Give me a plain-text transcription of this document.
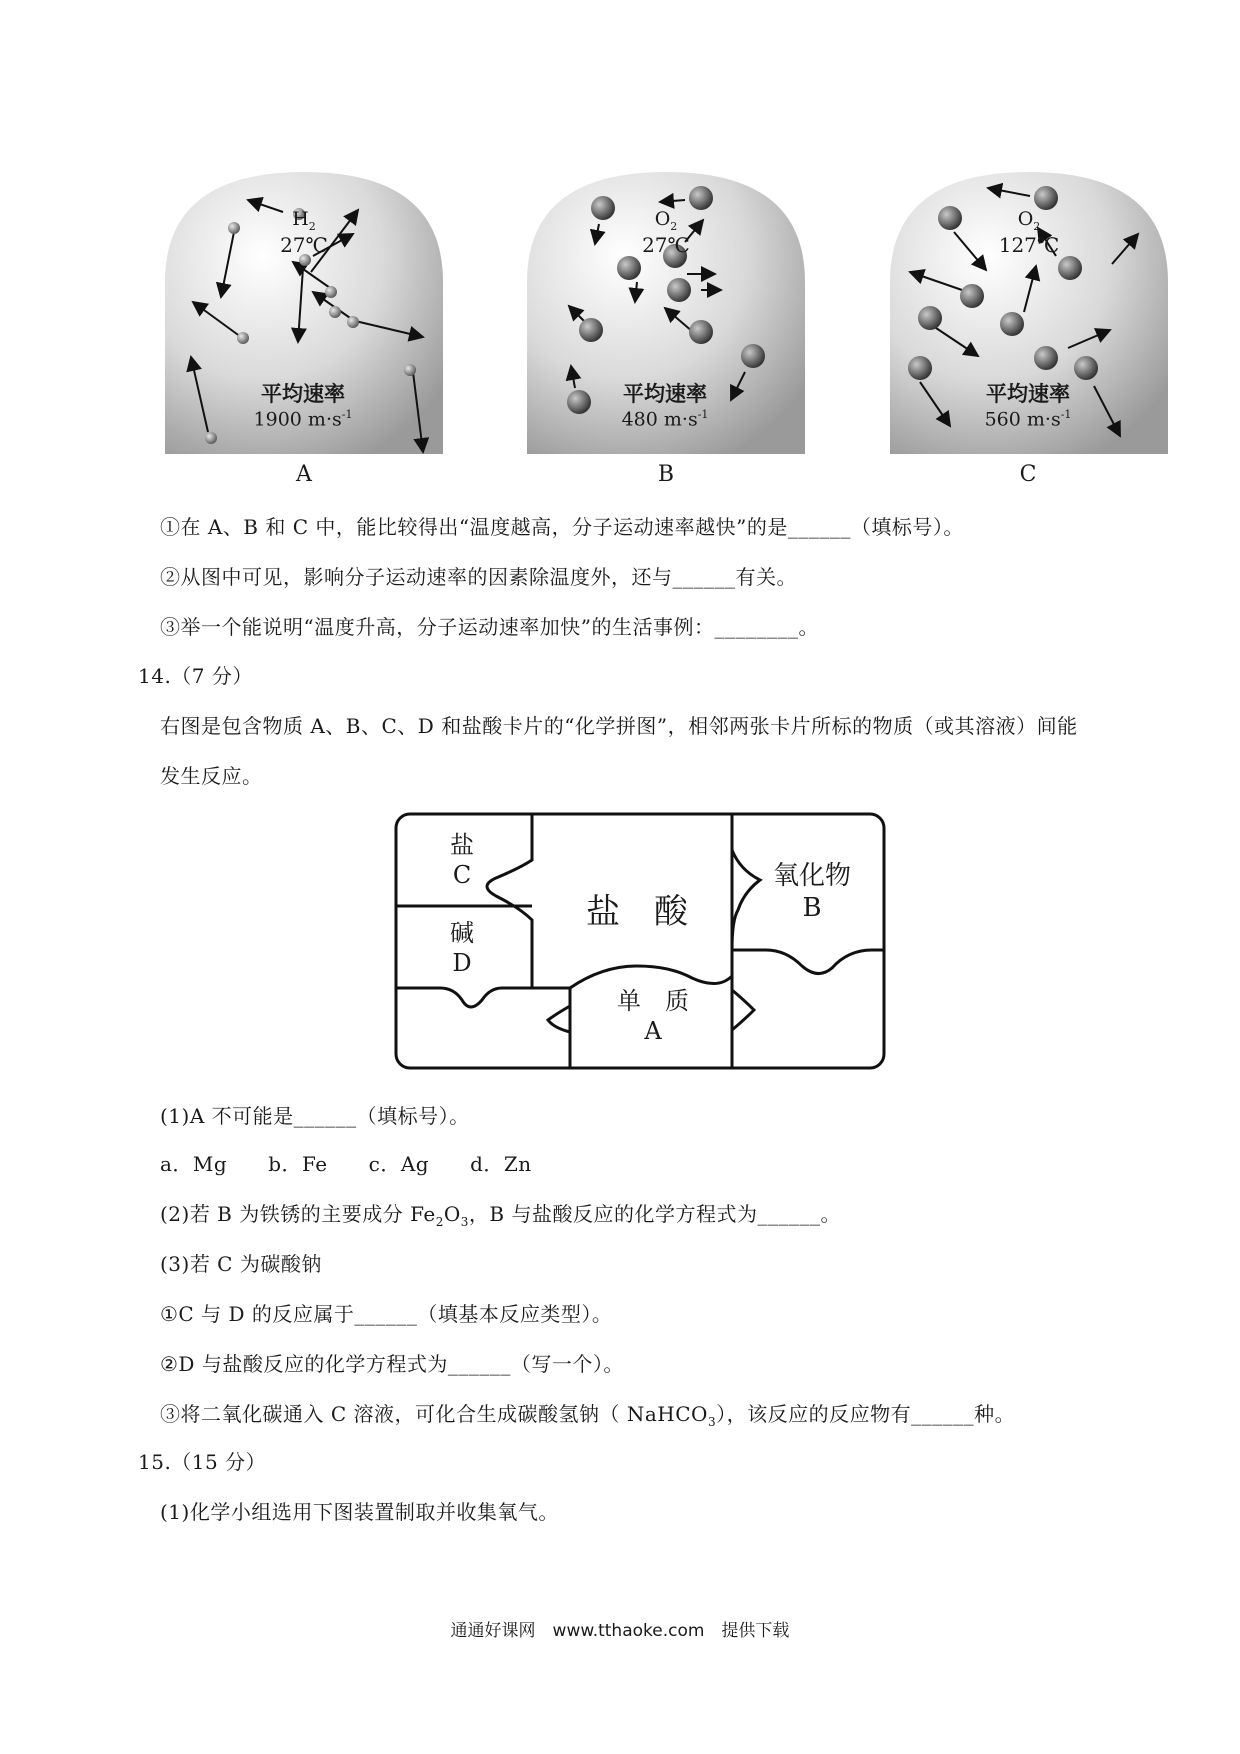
$H_2$
27℃
平均速率
1900 $m\cdot s^{-1}$
A
$O_2$
27℃
平均速率
480 $m\cdot s^{-1}$
B
$O_2$
127℃
平均速率
560 $m\cdot s^{-1}$
C
①在 A、B 和 C 中，能比较得出“温度越高，分子运动速率越快”的是______（填标号）。
②从图中可见，影响分子运动速率的因素除温度外，还与______有关。
③举一个能说明“温度升高，分子运动速率加快”的生活事例：________。
14.（7 分）
右图是包含物质 A、B、C、D 和盐酸卡片的“化学拼图”，相邻两张卡片所标的物质（或其溶液）间能
发生反应。
盐
C
碱
D
盐　酸
氧化物
B
单　质
A
(1)A 不可能是______（填标号）。
a．Mg　　b．Fe　　c．Ag　　d．Zn
(2)若 B 为铁锈的主要成分 $Fe_2O_3$，B 与盐酸反应的化学方程式为______。
(3)若 C 为碳酸钠
①C 与 D 的反应属于______（填基本反应类型）。
②D 与盐酸反应的化学方程式为______（写一个）。
③将二氧化碳通入 C 溶液，可化合生成碳酸氢钠（ NaHCO$_3$），该反应的反应物有______种。
15.（15 分）
(1)化学小组选用下图装置制取并收集氧气。
通通好课网　www.tthaoke.com　提供下载
